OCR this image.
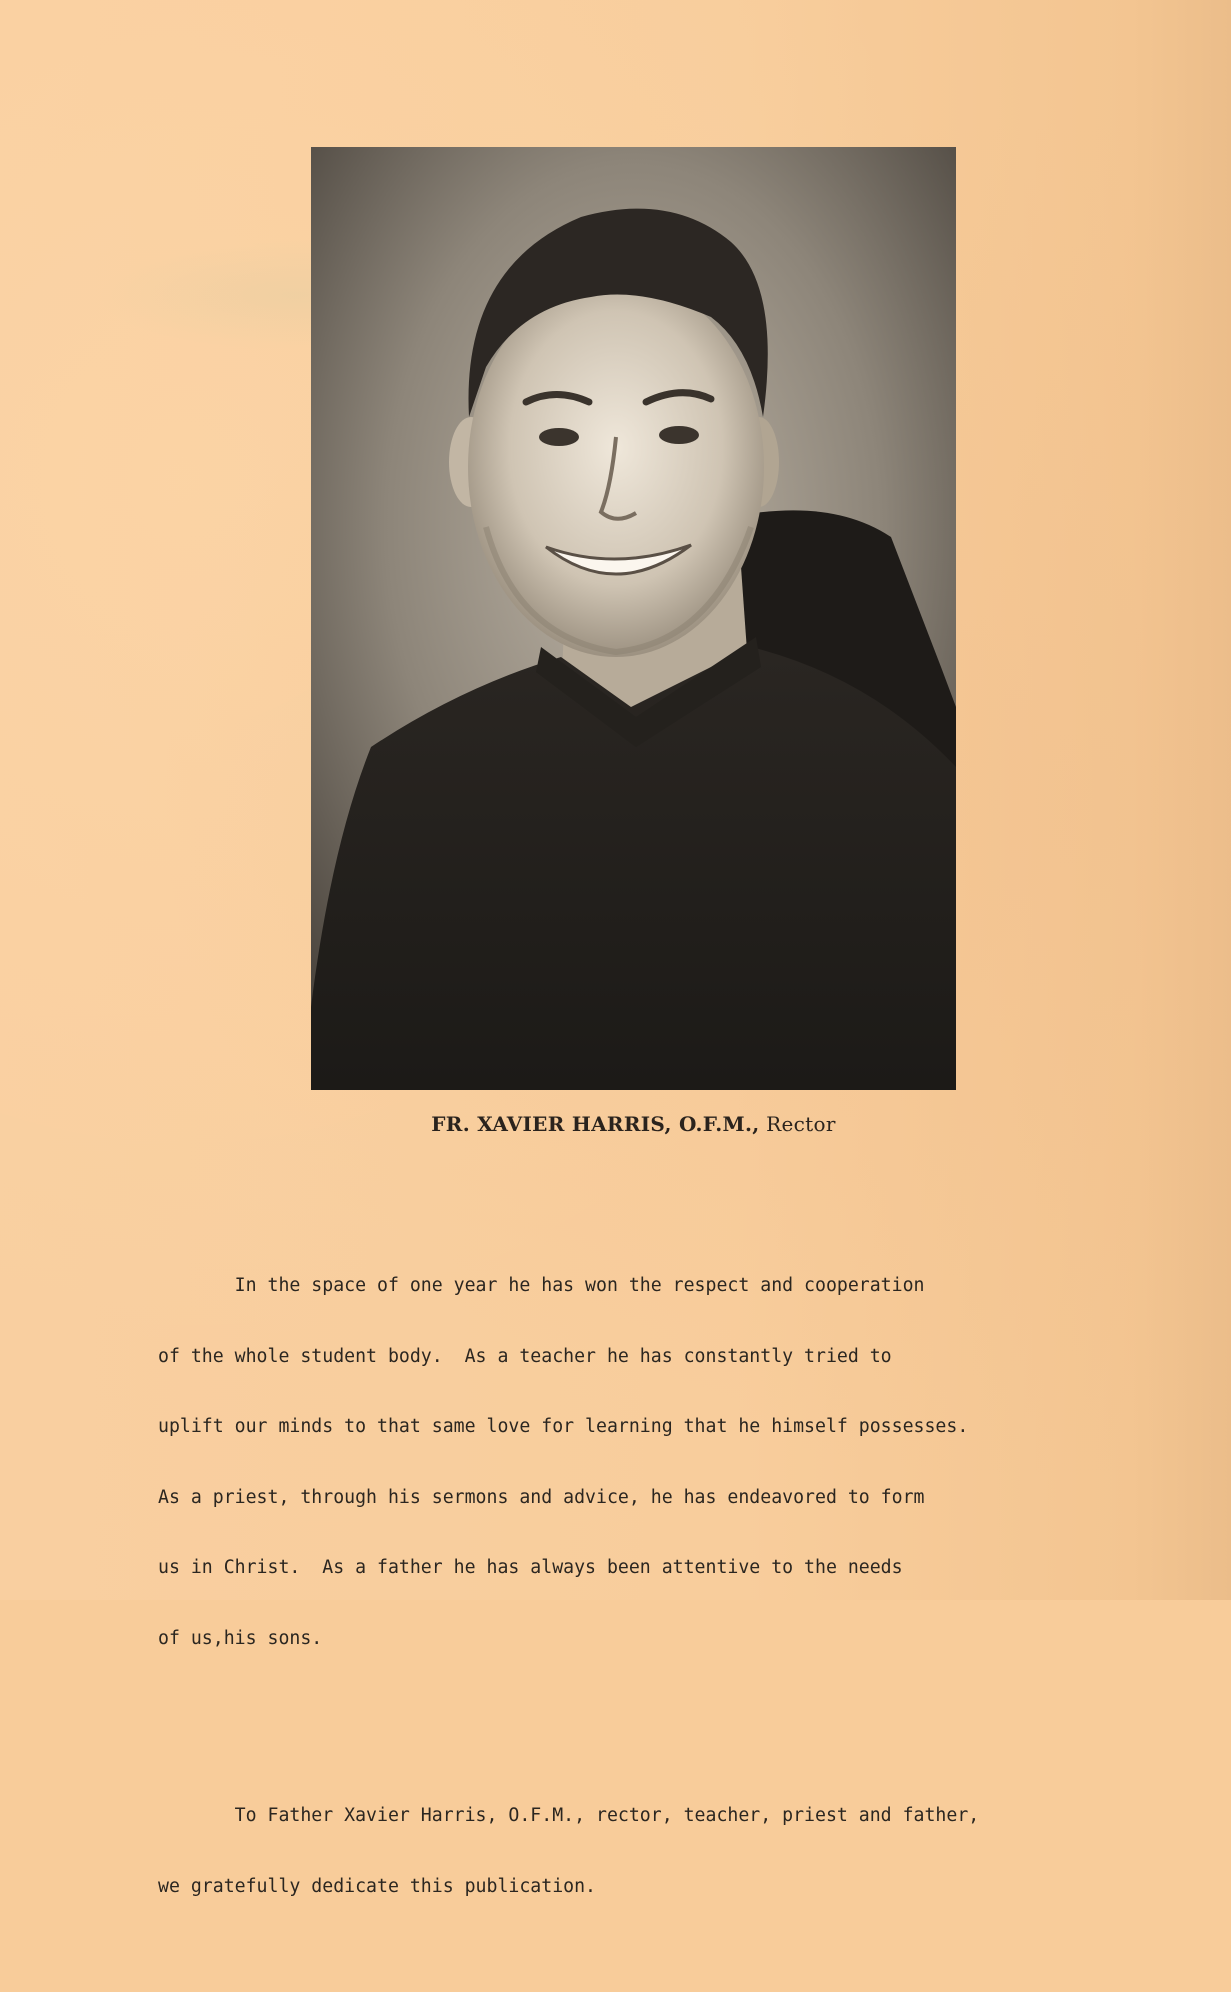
FR. XAVIER HARRIS, O.F.M., Rector

In the space of one year he has won the respect and cooperation

of the whole student body.  As a teacher he has constantly tried to

uplift our minds to that same love for learning that he himself possesses.

As a priest, through his sermons and advice, he has endeavored to form

us in Christ.  As a father he has always been attentive to the needs

of us,his sons.

To Father Xavier Harris, O.F.M., rector, teacher, priest and father,

we gratefully dedicate this publication.
